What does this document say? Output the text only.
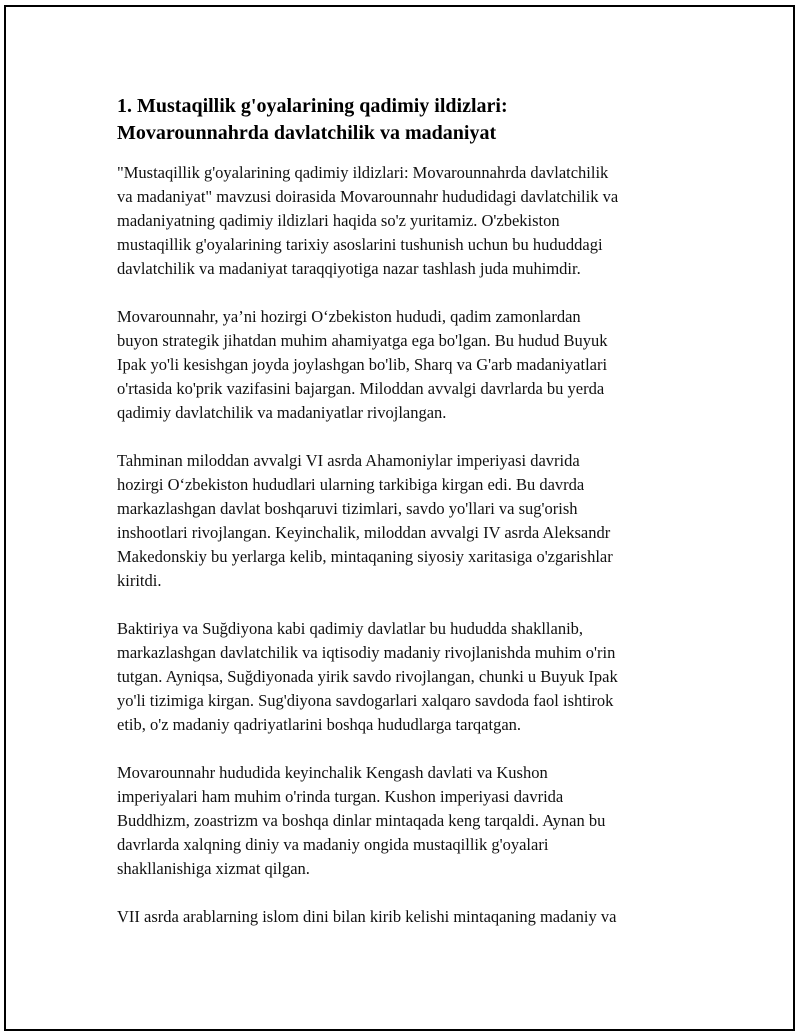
1. Mustaqillik g'oyalarining qadimiy ildizlari:
Movarounnahrda davlatchilik va madaniyat

"Mustaqillik g'oyalarining qadimiy ildizlari: Movarounnahrda davlatchilik
va madaniyat" mavzusi doirasida Movarounnahr hududidagi davlatchilik va
madaniyatning qadimiy ildizlari haqida so'z yuritamiz. O'zbekiston
mustaqillik g'oyalarining tarixiy asoslarini tushunish uchun bu hududdagi
davlatchilik va madaniyat taraqqiyotiga nazar tashlash juda muhimdir.

Movarounnahr, ya’ni hozirgi O‘zbekiston hududi, qadim zamonlardan
buyon strategik jihatdan muhim ahamiyatga ega bo'lgan. Bu hudud Buyuk
Ipak yo'li kesishgan joyda joylashgan bo'lib, Sharq va G'arb madaniyatlari
o'rtasida ko'prik vazifasini bajargan. Miloddan avvalgi davrlarda bu yerda
qadimiy davlatchilik va madaniyatlar rivojlangan.

Tahminan miloddan avvalgi VI asrda Ahamoniylar imperiyasi davrida
hozirgi O‘zbekiston hududlari ularning tarkibiga kirgan edi. Bu davrda
markazlashgan davlat boshqaruvi tizimlari, savdo yo'llari va sug'orish
inshootlari rivojlangan. Keyinchalik, miloddan avvalgi IV asrda Aleksandr
Makedonskiy bu yerlarga kelib, mintaqaning siyosiy xaritasiga o'zgarishlar
kiritdi.

Baktiriya va Suğdiyona kabi qadimiy davlatlar bu hududda shakllanib,
markazlashgan davlatchilik va iqtisodiy madaniy rivojlanishda muhim o'rin
tutgan. Ayniqsa, Suğdiyonada yirik savdo rivojlangan, chunki u Buyuk Ipak
yo'li tizimiga kirgan. Sug'diyona savdogarlari xalqaro savdoda faol ishtirok
etib, o'z madaniy qadriyatlarini boshqa hududlarga tarqatgan.

Movarounnahr hududida keyinchalik Kengash davlati va Kushon
imperiyalari ham muhim o'rinda turgan. Kushon imperiyasi davrida
Buddhizm, zoastrizm va boshqa dinlar mintaqada keng tarqaldi. Aynan bu
davrlarda xalqning diniy va madaniy ongida mustaqillik g'oyalari
shakllanishiga xizmat qilgan.

VII asrda arablarning islom dini bilan kirib kelishi mintaqaning madaniy va
